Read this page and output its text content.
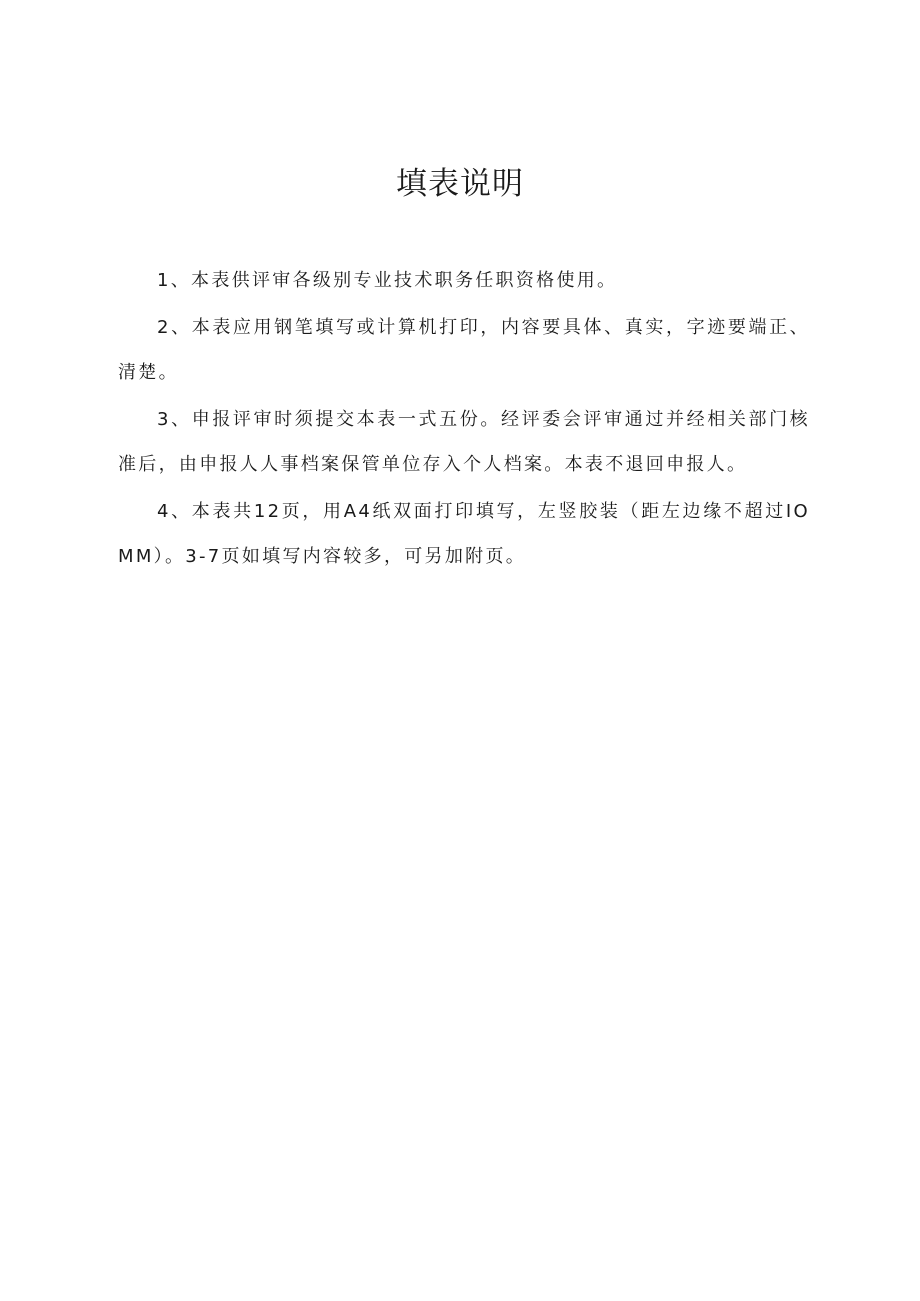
填表说明

1、本表供评审各级别专业技术职务任职资格使用。

2、本表应用钢笔填写或计算机打印，内容要具体、真实，字迹要端正、清楚。

3、申报评审时须提交本表一式五份。经评委会评审通过并经相关部门核准后，由申报人人事档案保管单位存入个人档案。本表不退回申报人。

4、本表共12页，用A4纸双面打印填写，左竖胶装（距左边缘不超过IOMM）。3-7页如填写内容较多，可另加附页。
